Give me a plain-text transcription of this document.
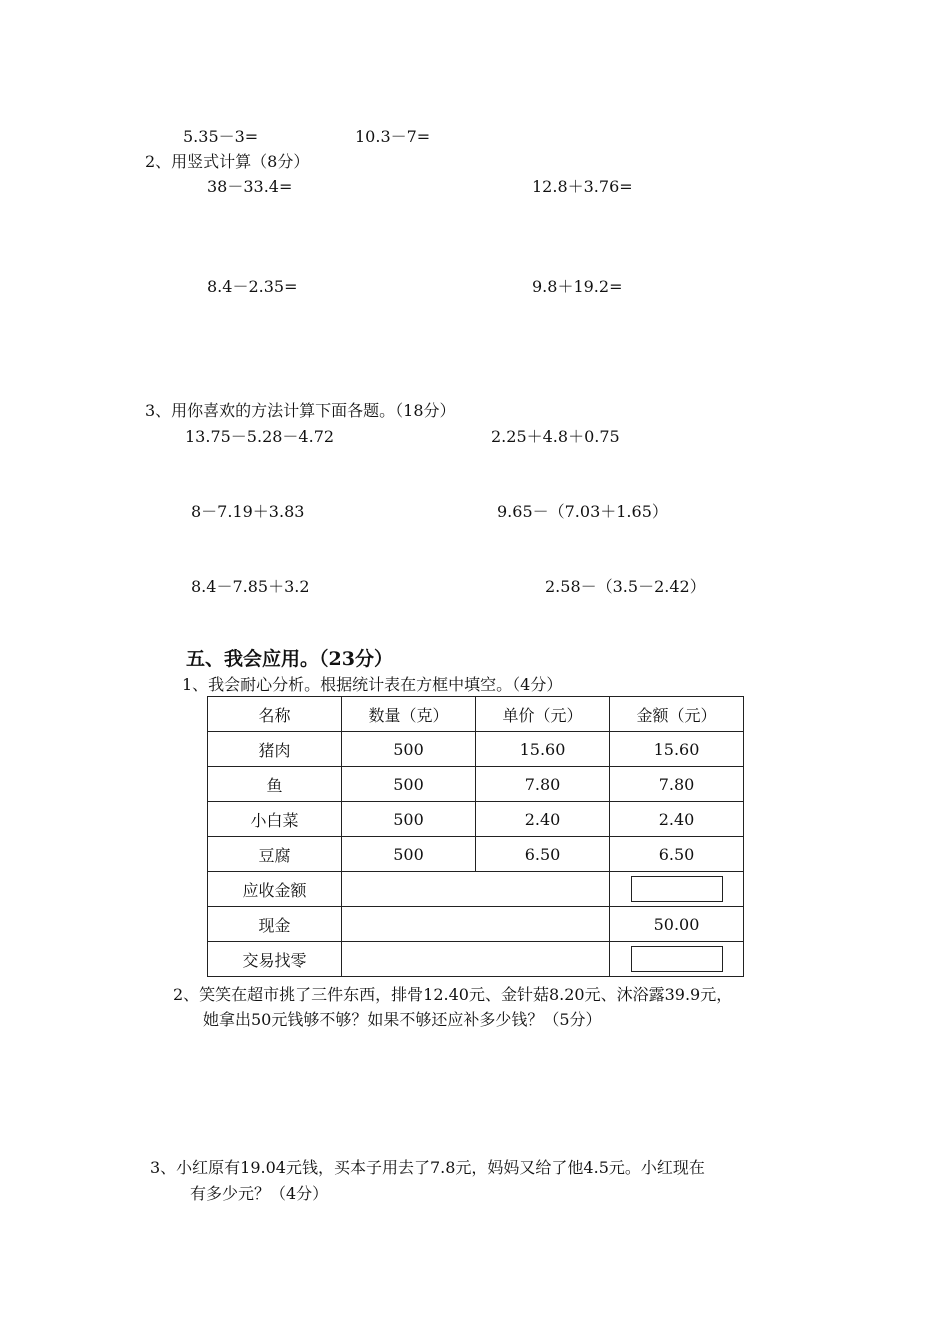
5.35－3=	10.3－7=
2、用竖式计算（8分）
38－33.4=	12.8＋3.76=
8.4－2.35=	9.8＋19.2=
3、用你喜欢的方法计算下面各题。（18分）
13.75－5.28－4.72	2.25＋4.8＋0.75
8－7.19＋3.83	9.65－（7.03＋1.65）
8.4－7.85＋3.2	2.58－（3.5－2.42）
五、我会应用。（23分）
1、我会耐心分析。根据统计表在方框中填空。（4分）
名称	数量（克）	单价（元）	金额（元）
猪肉	500	15.60	15.60
鱼	500	7.80	7.80
小白菜	500	2.40	2.40
豆腐	500	6.50	6.50
应收金额			
现金			50.00
交易找零			
2、笑笑在超市挑了三件东西，排骨12.40元、金针菇8.20元、沐浴露39.9元，
她拿出50元钱够不够？如果不够还应补多少钱？（5分）
3、小红原有19.04元钱，买本子用去了7.8元，妈妈又给了他4.5元。小红现在
有多少元？（4分）
